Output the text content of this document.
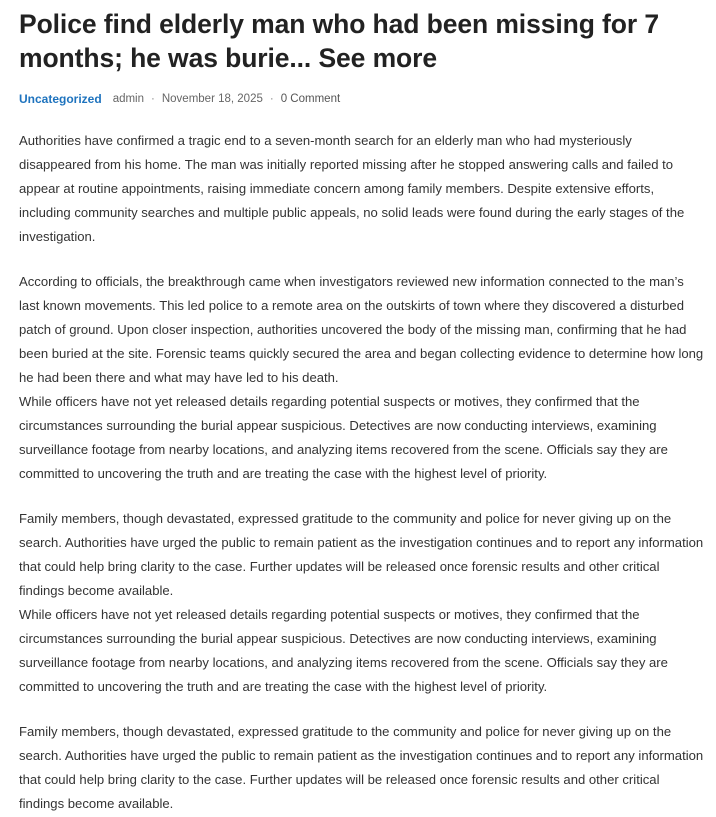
Police find elderly man who had been missing for 7 months; he was burie... See more
Uncategorized admin · November 18, 2025 · 0 Comment

Authorities have confirmed a tragic end to a seven-month search for an elderly man who had mysteriously disappeared from his home. The man was initially reported missing after he stopped answering calls and failed to appear at routine appointments, raising immediate concern among family members. Despite extensive efforts, including community searches and multiple public appeals, no solid leads were found during the early stages of the investigation.

According to officials, the breakthrough came when investigators reviewed new information connected to the man’s last known movements. This led police to a remote area on the outskirts of town where they discovered a disturbed patch of ground. Upon closer inspection, authorities uncovered the body of the missing man, confirming that he had been buried at the site. Forensic teams quickly secured the area and began collecting evidence to determine how long he had been there and what may have led to his death.

While officers have not yet released details regarding potential suspects or motives, they confirmed that the circumstances surrounding the burial appear suspicious. Detectives are now conducting interviews, examining surveillance footage from nearby locations, and analyzing items recovered from the scene. Officials say they are committed to uncovering the truth and are treating the case with the highest level of priority.

Family members, though devastated, expressed gratitude to the community and police for never giving up on the search. Authorities have urged the public to remain patient as the investigation continues and to report any information that could help bring clarity to the case. Further updates will be released once forensic results and other critical findings become available.

While officers have not yet released details regarding potential suspects or motives, they confirmed that the circumstances surrounding the burial appear suspicious. Detectives are now conducting interviews, examining surveillance footage from nearby locations, and analyzing items recovered from the scene. Officials say they are committed to uncovering the truth and are treating the case with the highest level of priority.

Family members, though devastated, expressed gratitude to the community and police for never giving up on the search. Authorities have urged the public to remain patient as the investigation continues and to report any information that could help bring clarity to the case. Further updates will be released once forensic results and other critical findings become available.
